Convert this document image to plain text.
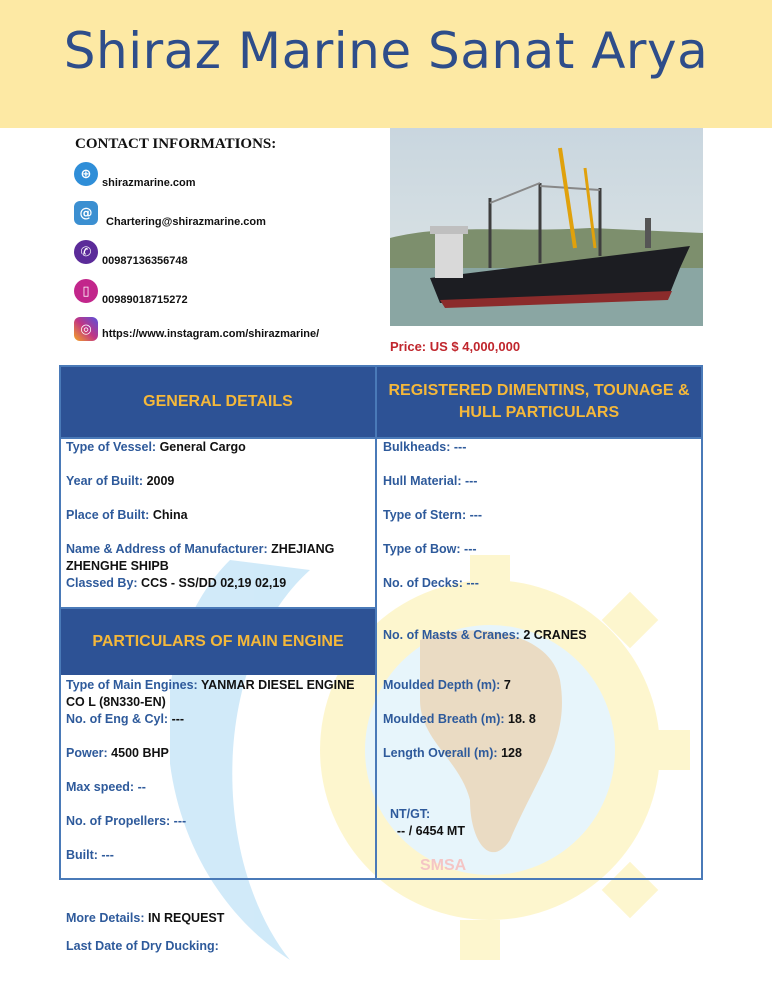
Shiraz Marine Sanat Arya
SMSA
CONTACT INFORMATIONS:
⊕
shirazmarine.com
@
Chartering@shirazmarine.com
✆
00987136356748
▯
00989018715272
◎ https://www.instagram.com/shirazmarine/
Price: US $ 4,000,000
GENERAL DETAILS
REGISTERED DIMENTINS, TOUNAGE &
HULL PARTICULARS
Type of Vessel: General Cargo
Year of Built: 2009
Place of Built: China
Name & Address of Manufacturer: ZHEJIANG ZHENGHE SHIPB
Classed By: CCS - SS/DD 02,19 02,19
PARTICULARS OF MAIN ENGINE
Type of Main Engines: YANMAR DIESEL ENGINE CO L (8N330-EN)
No. of Eng & Cyl: ---
Power: 4500 BHP
Max speed: --
No. of Propellers: ---
Built: ---
Bulkheads: ---
Hull Material: ---
Type of Stern: ---
Type of Bow: ---
No. of Decks: ---
No. of Masts & Cranes: 2 CRANES
Moulded Depth (m): 7
Moulded Breath (m): 18. 8
Length Overall (m): 128

NT/GT:
-- / 6454 MT

More Details: IN REQUEST
Last Date of Dry Ducking:
